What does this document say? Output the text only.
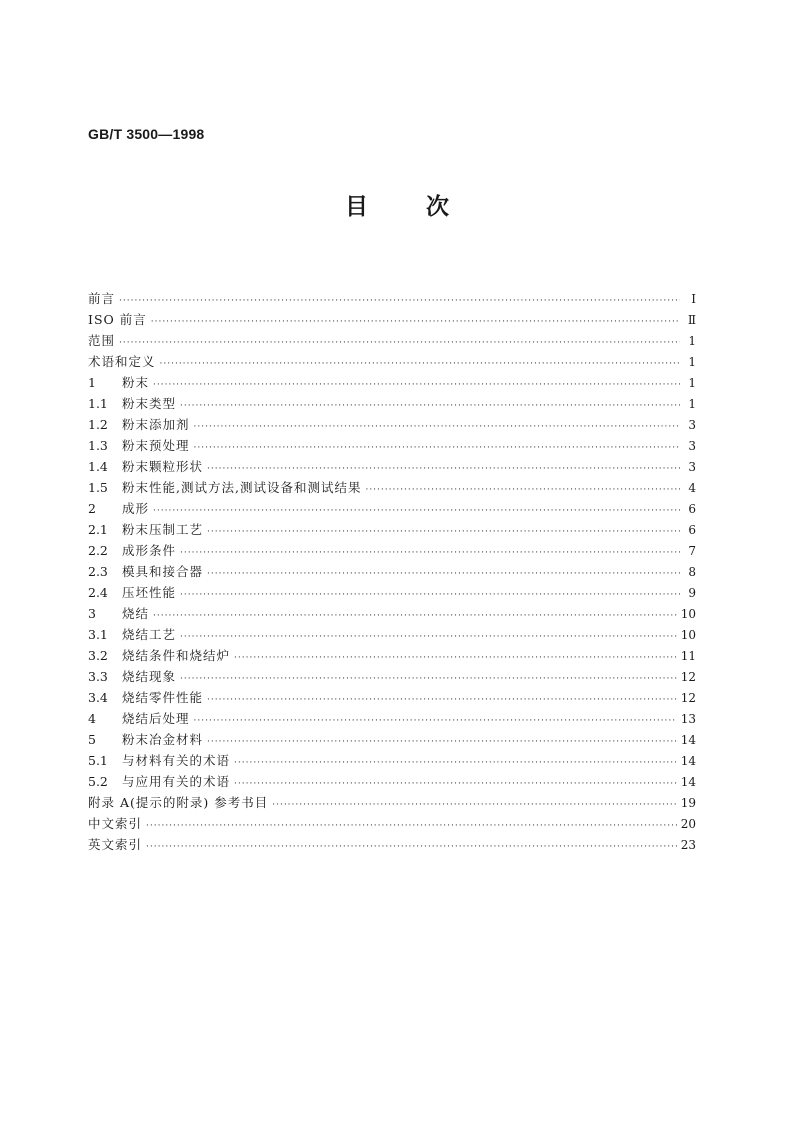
GB/T 3500—1998
目	次
前言 ·····	I
ISO 前言 ·····	Ⅱ
范围 ·····	1
术语和定义 ·····	1
1	粉末 ·····	1
1.1	粉末类型 ·····	1
1.2	粉末添加剂 ·····	3
1.3	粉末预处理 ·····	3
1.4	粉末颗粒形状 ·····	3
1.5	粉末性能,测试方法,测试设备和测试结果 ·····	4
2	成形 ·····	6
2.1	粉末压制工艺 ·····	6
2.2	成形条件 ·····	7
2.3	模具和接合器 ·····	8
2.4	压坯性能 ·····	9
3	烧结 ·····	10
3.1	烧结工艺 ·····	10
3.2	烧结条件和烧结炉 ·····	11
3.3	烧结现象 ·····	12
3.4	烧结零件性能 ·····	12
4	烧结后处理 ·····	13
5	粉末冶金材料 ·····	14
5.1	与材料有关的术语 ·····	14
5.2	与应用有关的术语 ·····	14
附录 A(提示的附录) 参考书目 ·····	19
中文索引 ·····	20
英文索引 ·····	23
